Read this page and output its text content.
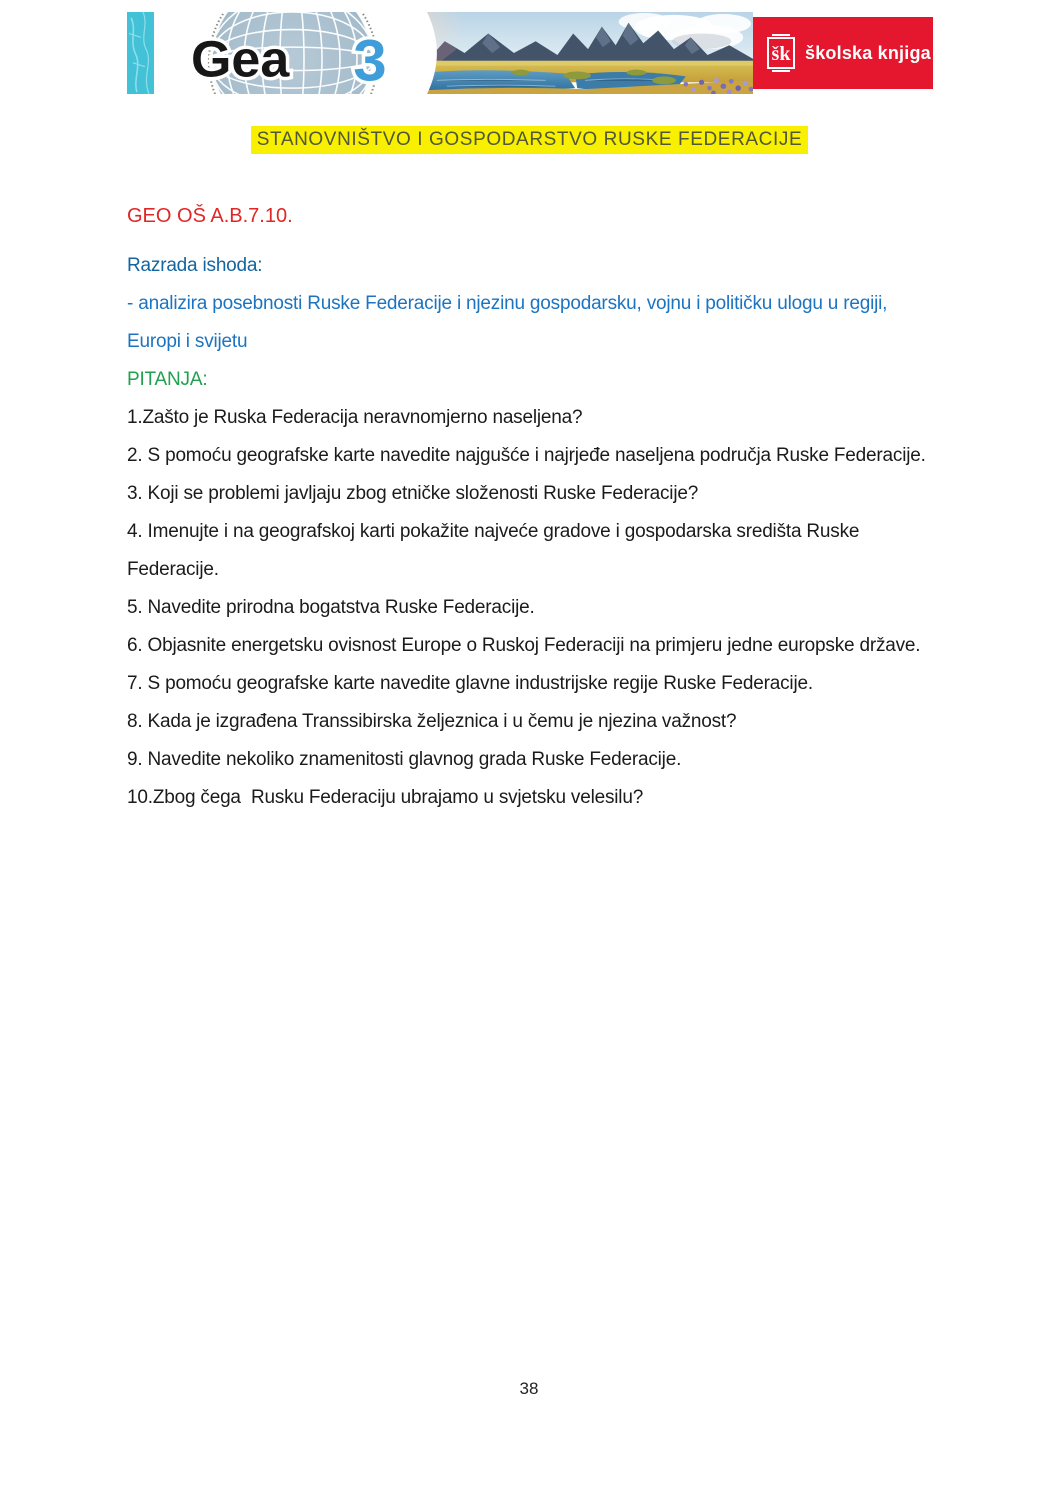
Gea 3	šk školska knjiga
STANOVNIŠTVO I GOSPODARSTVO RUSKE FEDERACIJE

GEO OŠ A.B.7.10.

Razrada ishoda:

- analizira posebnosti Ruske Federacije i njezinu gospodarsku, vojnu i političku ulogu u regiji, Europi i svijetu

PITANJA:

1.Zašto je Ruska Federacija neravnomjerno naseljena?

2. S pomoću geografske karte navedite najgušće i najrjeđe naseljena područja Ruske Federacije.

3. Koji se problemi javljaju zbog etničke složenosti Ruske Federacije?

4. Imenujte i na geografskoj karti pokažite najveće gradove i gospodarska središta Ruske Federacije.

5. Navedite prirodna bogatstva Ruske Federacije.

6. Objasnite energetsku ovisnost Europe o Ruskoj Federaciji na primjeru jedne europske države.

7. S pomoću geografske karte navedite glavne industrijske regije Ruske Federacije.

8. Kada je izgrađena Transsibirska željeznica i u čemu je njezina važnost?

9. Navedite nekoliko znamenitosti glavnog grada Ruske Federacije.

10.Zbog čega  Rusku Federaciju ubrajamo u svjetsku velesilu?

38
